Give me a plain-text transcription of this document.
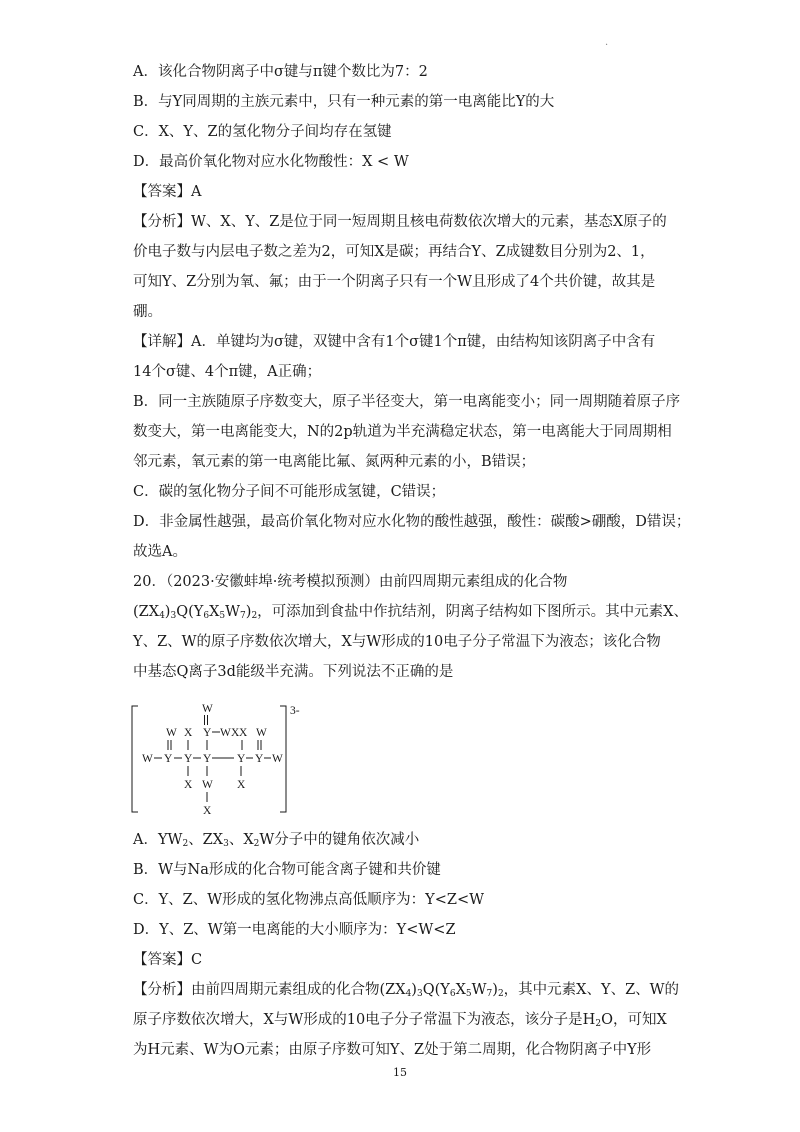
·
A．该化合物阴离子中σ键与π键个数比为7：2
B．与Y同周期的主族元素中，只有一种元素的第一电离能比Y的大
C．X、Y、Z的氢化物分子间均存在氢键
D．最高价氧化物对应水化物酸性：X < W
【答案】A
【分析】W、X、Y、Z是位于同一短周期且核电荷数依次增大的元素，基态X原子的
价电子数与内层电子数之差为2，可知X是碳；再结合Y、Z成键数目分别为2、1，
可知Y、Z分别为氧、氟；由于一个阴离子只有一个W且形成了4个共价键，故其是
硼。
【详解】A．单键均为σ键，双键中含有1个σ键1个π键，由结构知该阴离子中含有
14个σ键、4个π键，A正确；
B．同一主族随原子序数变大，原子半径变大，第一电离能变小；同一周期随着原子序
数变大，第一电离能变大，N的2p轨道为半充满稳定状态，第一电离能大于同周期相
邻元素，氧元素的第一电离能比氟、氮两种元素的小，B错误；
C．碳的氢化物分子间不可能形成氢键，C错误；
D．非金属性越强，最高价氧化物对应水化物的酸性越强，酸性：碳酸>硼酸，D错误；
故选A。
20．（2023·安徽蚌埠·统考模拟预测）由前四周期元素组成的化合物
$(ZX_4)_3Q(Y_6X_5W_7)_2$，可添加到食盐中作抗结剂，阴离子结构如下图所示。其中元素X、
Y、Z、W的原子序数依次增大，X与W形成的10电子分子常温下为液态；该化合物
中基态Q离子3d能级半充满。下列说法不正确的是
A．$YW_2$、$ZX_3$、$X_2W$分子中的键角依次减小
B．W与Na形成的化合物可能含离子键和共价键
C．Y、Z、W形成的氢化物沸点高低顺序为：Y<Z<W
D．Y、Z、W第一电离能的大小顺序为：Y<W<Z
【答案】C
【分析】由前四周期元素组成的化合物$(ZX_4)_3Q(Y_6X_5W_7)_2$，其中元素X、Y、Z、W的
原子序数依次增大，X与W形成的10电子分子常温下为液态，该分子是$H_2O$，可知X
为H元素、W为O元素；由原子序数可知Y、Z处于第二周期，化合物阴离子中Y形
3-
W
W X Y W X W
X
W Y Y Y Y Y W
X W X
X
15
